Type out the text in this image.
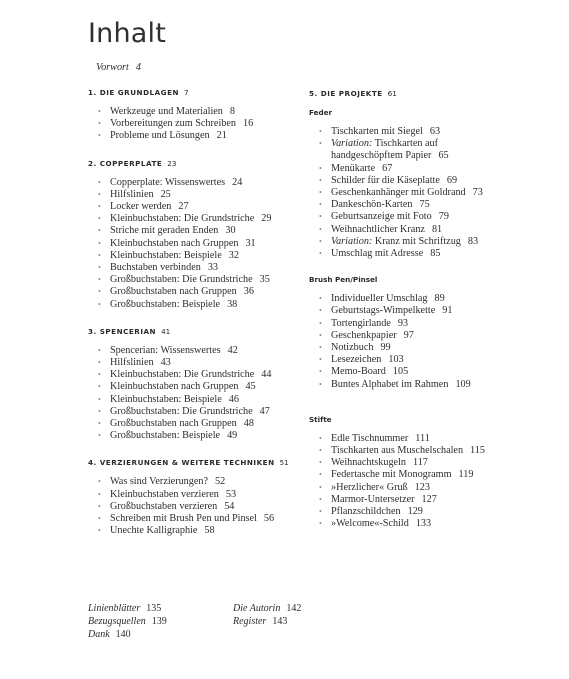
Inhalt
Vorwort 4
1. DIE GRUNDLAGEN 7
• Werkzeuge und Materialien 8
• Vorbereitungen zum Schreiben 16
• Probleme und Lösungen 21
2. COPPERPLATE 23
• Copperplate: Wissenswertes 24
• Hilfslinien 25
• Locker werden 27
• Kleinbuchstaben: Die Grundstriche 29
• Striche mit geraden Enden 30
• Kleinbuchstaben nach Gruppen 31
• Kleinbuchstaben: Beispiele 32
• Buchstaben verbinden 33
• Großbuchstaben: Die Grundstriche 35
• Großbuchstaben nach Gruppen 36
• Großbuchstaben: Beispiele 38
3. SPENCERIAN 41
• Spencerian: Wissenswertes 42
• Hilfslinien 43
• Kleinbuchstaben: Die Grundstriche 44
• Kleinbuchstaben nach Gruppen 45
• Kleinbuchstaben: Beispiele 46
• Großbuchstaben: Die Grundstriche 47
• Großbuchstaben nach Gruppen 48
• Großbuchstaben: Beispiele 49
4. VERZIERUNGEN & WEITERE TECHNIKEN 51
• Was sind Verzierungen? 52
• Kleinbuchstaben verzieren 53
• Großbuchstaben verzieren 54
• Schreiben mit Brush Pen und Pinsel 56
• Unechte Kalligraphie 58
5. DIE PROJEKTE 61
Feder
• Tischkarten mit Siegel 63
• Variation: Tischkarten auf
handgeschöpftem Papier 65
• Menükarte 67
• Schilder für die Käseplatte 69
• Geschenkanhänger mit Goldrand 73
• Dankeschön-Karten 75
• Geburtsanzeige mit Foto 79
• Weihnachtlicher Kranz 81
• Variation: Kranz mit Schriftzug 83
• Umschlag mit Adresse 85
Brush Pen/Pinsel
• Individueller Umschlag 89
• Geburtstags-Wimpelkette 91
• Tortengirlande 93
• Geschenkpapier 97
• Notizbuch 99
• Lesezeichen 103
• Memo-Board 105
• Buntes Alphabet im Rahmen 109
Stifte
• Edle Tischnummer 111
• Tischkarten aus Muschelschalen 115
• Weihnachtskugeln 117
• Federtasche mit Monogramm 119
• »Herzlicher« Gruß 123
• Marmor-Untersetzer 127
• Pflanzschildchen 129
• »Welcome«-Schild 133
Linienblätter 135	Die Autorin 142
Bezugsquellen 139	Register 143
Dank 140
